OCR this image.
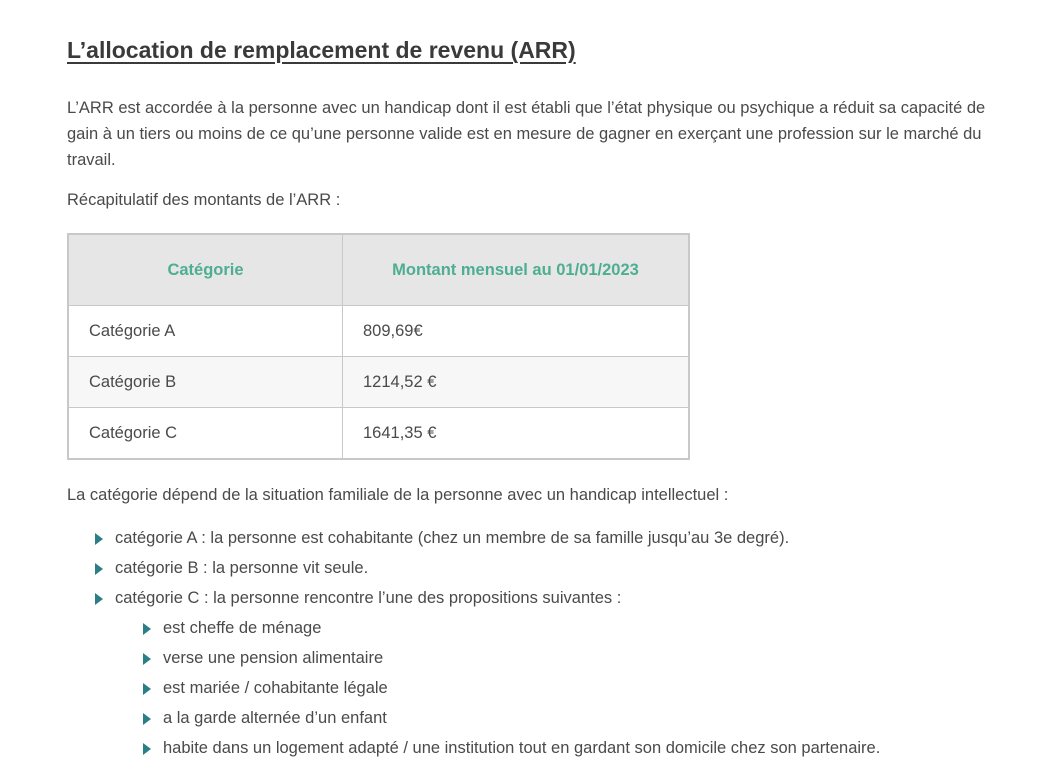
L’allocation de remplacement de revenu (ARR)

L’ARR est accordée à la personne avec un handicap dont il est établi que l’état physique ou psychique a réduit sa capacité de gain à un tiers ou moins de ce qu’une personne valide est en mesure de gagner en exerçant une profession sur le marché du travail.

Récapitulatif des montants de l’ARR :

Catégorie	Montant mensuel au 01/01/2023
Catégorie A	809,69€
Catégorie B	1214,52 €
Catégorie C	1641,35 €

La catégorie dépend de la situation familiale de la personne avec un handicap intellectuel :

catégorie A : la personne est cohabitante (chez un membre de sa famille jusqu’au 3e degré).
catégorie B : la personne vit seule.
catégorie C : la personne rencontre l’une des propositions suivantes :
est cheffe de ménage
verse une pension alimentaire
est mariée / cohabitante légale
a la garde alternée d’un enfant
habite dans un logement adapté / une institution tout en gardant son domicile chez son partenaire.
